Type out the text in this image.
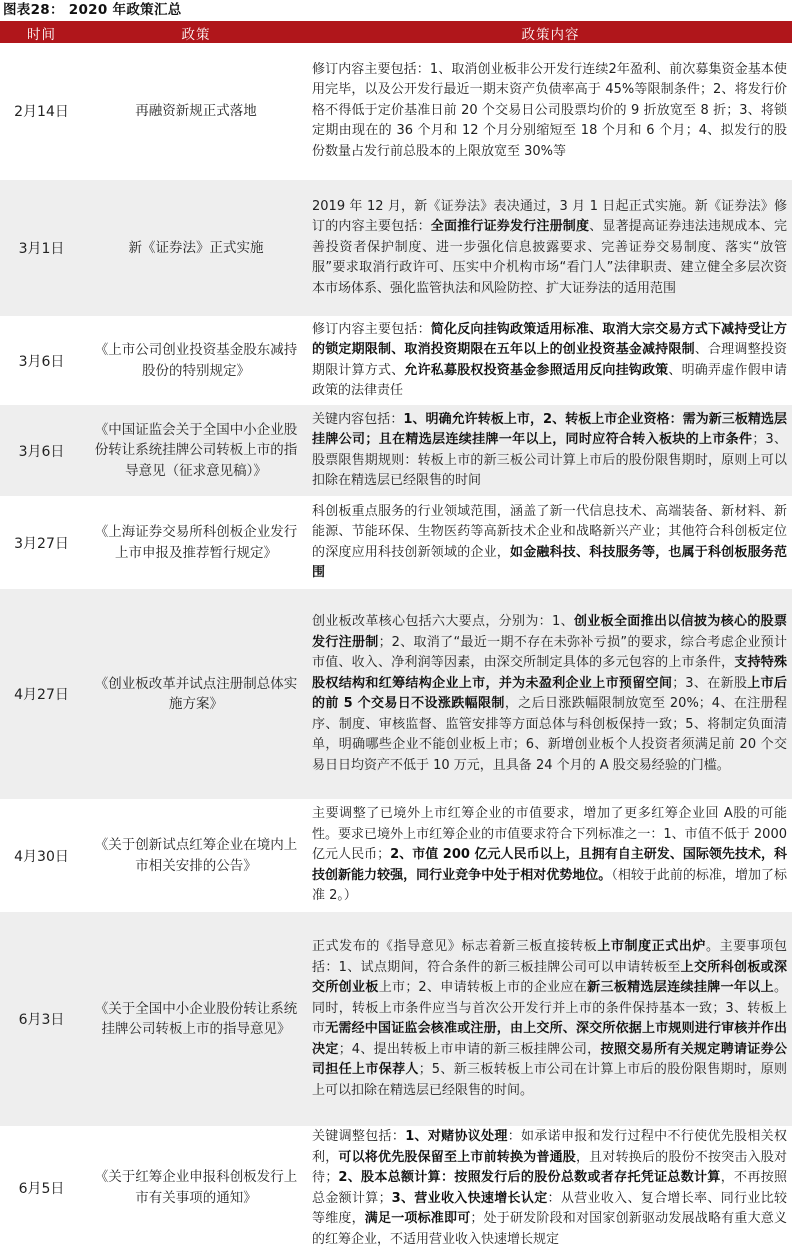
图表28： 2020 年政策汇总
时间	政策	政策内容
2月14日	再融资新规正式落地	修订内容主要包括：1、取消创业板非公开发行连续2年盈利、前次募集资金基本使用完毕，以及公开发行最近一期末资产负债率高于 45%等限制条件；2、将发行价格不得低于定价基准日前 20 个交易日公司股票均价的 9 折放宽至 8 折；3、将锁定期由现在的 36 个月和 12 个月分别缩短至 18 个月和 6 个月；4、拟发行的股份数量占发行前总股本的上限放宽至 30%等

3月1日	新《证券法》正式实施	2019 年 12 月，新《证券法》表决通过，3 月 1 日起正式实施。新《证券法》修订的内容主要包括：全面推行证券发行注册制度、显著提高证券违法违规成本、完善投资者保护制度、进一步强化信息披露要求、完善证券交易制度、落实“放管服”要求取消行政许可、压实中介机构市场“看门人”法律职责、建立健全多层次资本市场体系、强化监管执法和风险防控、扩大证券法的适用范围

3月6日	《上市公司创业投资基金股东减持股份的特别规定》	修订内容主要包括：简化反向挂钩政策适用标准、取消大宗交易方式下减持受让方的锁定期限制、取消投资期限在五年以上的创业投资基金减持限制、合理调整投资期限计算方式、允许私募股权投资基金参照适用反向挂钩政策、明确弄虚作假申请政策的法律责任

3月6日	《中国证监会关于全国中小企业股份转让系统挂牌公司转板上市的指导意见（征求意见稿）》	关键内容包括：1、明确允许转板上市，2、转板上市企业资格：需为新三板精选层挂牌公司；且在精选层连续挂牌一年以上，同时应符合转入板块的上市条件；3、股票限售期规则：转板上市的新三板公司计算上市后的股份限售期时，原则上可以扣除在精选层已经限售的时间

3月27日	《上海证券交易所科创板企业发行上市申报及推荐暂行规定》	科创板重点服务的行业领域范围，涵盖了新一代信息技术、高端装备、新材料、新能源、节能环保、生物医药等高新技术企业和战略新兴产业；其他符合科创板定位的深度应用科技创新领域的企业，如金融科技、科技服务等，也属于科创板服务范围

4月27日	《创业板改革并试点注册制总体实施方案》	创业板改革核心包括六大要点，分别为：1、创业板全面推出以信披为核心的股票发行注册制；2、取消了“最近一期不存在未弥补亏损”的要求，综合考虑企业预计市值、收入、净利润等因素，由深交所制定具体的多元包容的上市条件，支持特殊股权结构和红筹结构企业上市，并为未盈利企业上市预留空间；3、在新股上市后的前 5 个交易日不设涨跌幅限制，之后日涨跌幅限制放宽至 20%；4、在注册程序、制度、审核监督、监管安排等方面总体与科创板保持一致；5、将制定负面清单，明确哪些企业不能创业板上市；6、新增创业板个人投资者须满足前 20 个交易日日均资产不低于 10 万元，且具备 24 个月的 A 股交易经验的门槛。

4月30日	《关于创新试点红筹企业在境内上市相关安排的公告》	主要调整了已境外上市红筹企业的市值要求，增加了更多红筹企业回 A股的可能性。要求已境外上市红筹企业的市值要求符合下列标准之一：1、市值不低于 2000 亿元人民币；2、市值 200 亿元人民币以上，且拥有自主研发、国际领先技术，科技创新能力较强，同行业竞争中处于相对优势地位。（相较于此前的标准，增加了标准 2。）

6月3日	《关于全国中小企业股份转让系统挂牌公司转板上市的指导意见》	正式发布的《指导意见》标志着新三板直接转板上市制度正式出炉。主要事项包括：1、试点期间，符合条件的新三板挂牌公司可以申请转板至上交所科创板或深交所创业板上市；2、申请转板上市的企业应在新三板精选层连续挂牌一年以上。同时，转板上市条件应当与首次公开发行并上市的条件保持基本一致；3、转板上市无需经中国证监会核准或注册，由上交所、深交所依据上市规则进行审核并作出决定；4、提出转板上市申请的新三板挂牌公司，按照交易所有关规定聘请证券公司担任上市保荐人；5、新三板转板上市公司在计算上市后的股份限售期时，原则上可以扣除在精选层已经限售的时间。

6月5日	《关于红筹企业申报科创板发行上市有关事项的通知》	关键调整包括：1、对赌协议处理：如承诺申报和发行过程中不行使优先股相关权利，可以将优先股保留至上市前转换为普通股，且对转换后的股份不按突击入股对待；2、股本总额计算：按照发行后的股份总数或者存托凭证总数计算，不再按照总金额计算；3、营业收入快速增长认定：从营业收入、复合增长率、同行业比较等维度，满足一项标准即可；处于研发阶段和对国家创新驱动发展战略有重大意义的红筹企业，不适用营业收入快速增长规定
